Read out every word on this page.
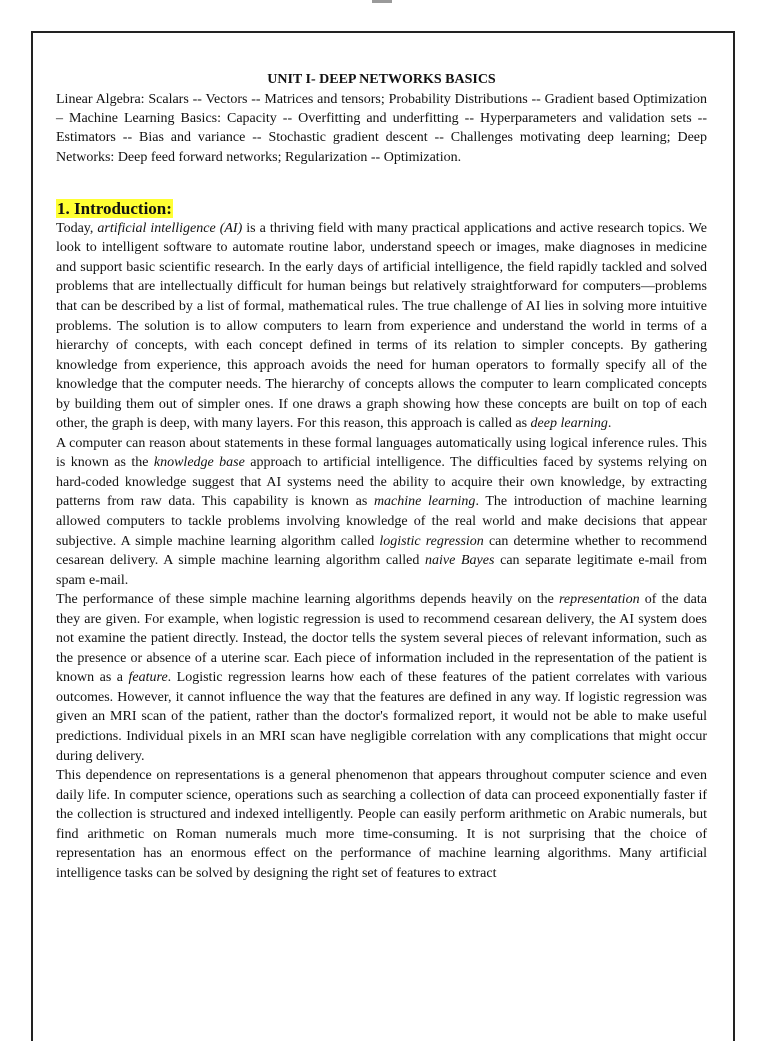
UNIT I- DEEP NETWORKS BASICS

Linear Algebra: Scalars -- Vectors -- Matrices and tensors; Probability Distributions -- Gradient based Optimization – Machine Learning Basics: Capacity -- Overfitting and underfitting -- Hyperparameters and validation sets -- Estimators -- Bias and variance -- Stochastic gradient descent -- Challenges motivating deep learning; Deep Networks: Deep feed forward networks; Regularization -- Optimization.

1. Introduction:

Today, artificial intelligence (AI) is a thriving field with many practical applications and active research topics. We look to intelligent software to automate routine labor, understand speech or images, make diagnoses in medicine and support basic scientific research. In the early days of artificial intelligence, the field rapidly tackled and solved problems that are intellectually difficult for human beings but relatively straightforward for computers—problems that can be described by a list of formal, mathematical rules. The true challenge of AI lies in solving more intuitive problems. The solution is to allow computers to learn from experience and understand the world in terms of a hierarchy of concepts, with each concept defined in terms of its relation to simpler concepts. By gathering knowledge from experience, this approach avoids the need for human operators to formally specify all of the knowledge that the computer needs. The hierarchy of concepts allows the computer to learn complicated concepts by building them out of simpler ones. If one draws a graph showing how these concepts are built on top of each other, the graph is deep, with many layers. For this reason, this approach is called as deep learning.

A computer can reason about statements in these formal languages automatically using logical inference rules. This is known as the knowledge base approach to artificial intelligence. The difficulties faced by systems relying on hard-coded knowledge suggest that AI systems need the ability to acquire their own knowledge, by extracting patterns from raw data. This capability is known as machine learning. The introduction of machine learning allowed computers to tackle problems involving knowledge of the real world and make decisions that appear subjective. A simple machine learning algorithm called logistic regression can determine whether to recommend cesarean delivery. A simple machine learning algorithm called naive Bayes can separate legitimate e-mail from spam e-mail.

The performance of these simple machine learning algorithms depends heavily on the representation of the data they are given. For example, when logistic regression is used to recommend cesarean delivery, the AI system does not examine the patient directly. Instead, the doctor tells the system several pieces of relevant information, such as the presence or absence of a uterine scar. Each piece of information included in the representation of the patient is known as a feature. Logistic regression learns how each of these features of the patient correlates with various outcomes. However, it cannot influence the way that the features are defined in any way. If logistic regression was given an MRI scan of the patient, rather than the doctor's formalized report, it would not be able to make useful predictions. Individual pixels in an MRI scan have negligible correlation with any complications that might occur during delivery.

This dependence on representations is a general phenomenon that appears throughout computer science and even daily life. In computer science, operations such as searching a collection of data can proceed exponentially faster if the collection is structured and indexed intelligently. People can easily perform arithmetic on Arabic numerals, but find arithmetic on Roman numerals much more time-consuming. It is not surprising that the choice of representation has an enormous effect on the performance of machine learning algorithms. Many artificial intelligence tasks can be solved by designing the right set of features to extract
